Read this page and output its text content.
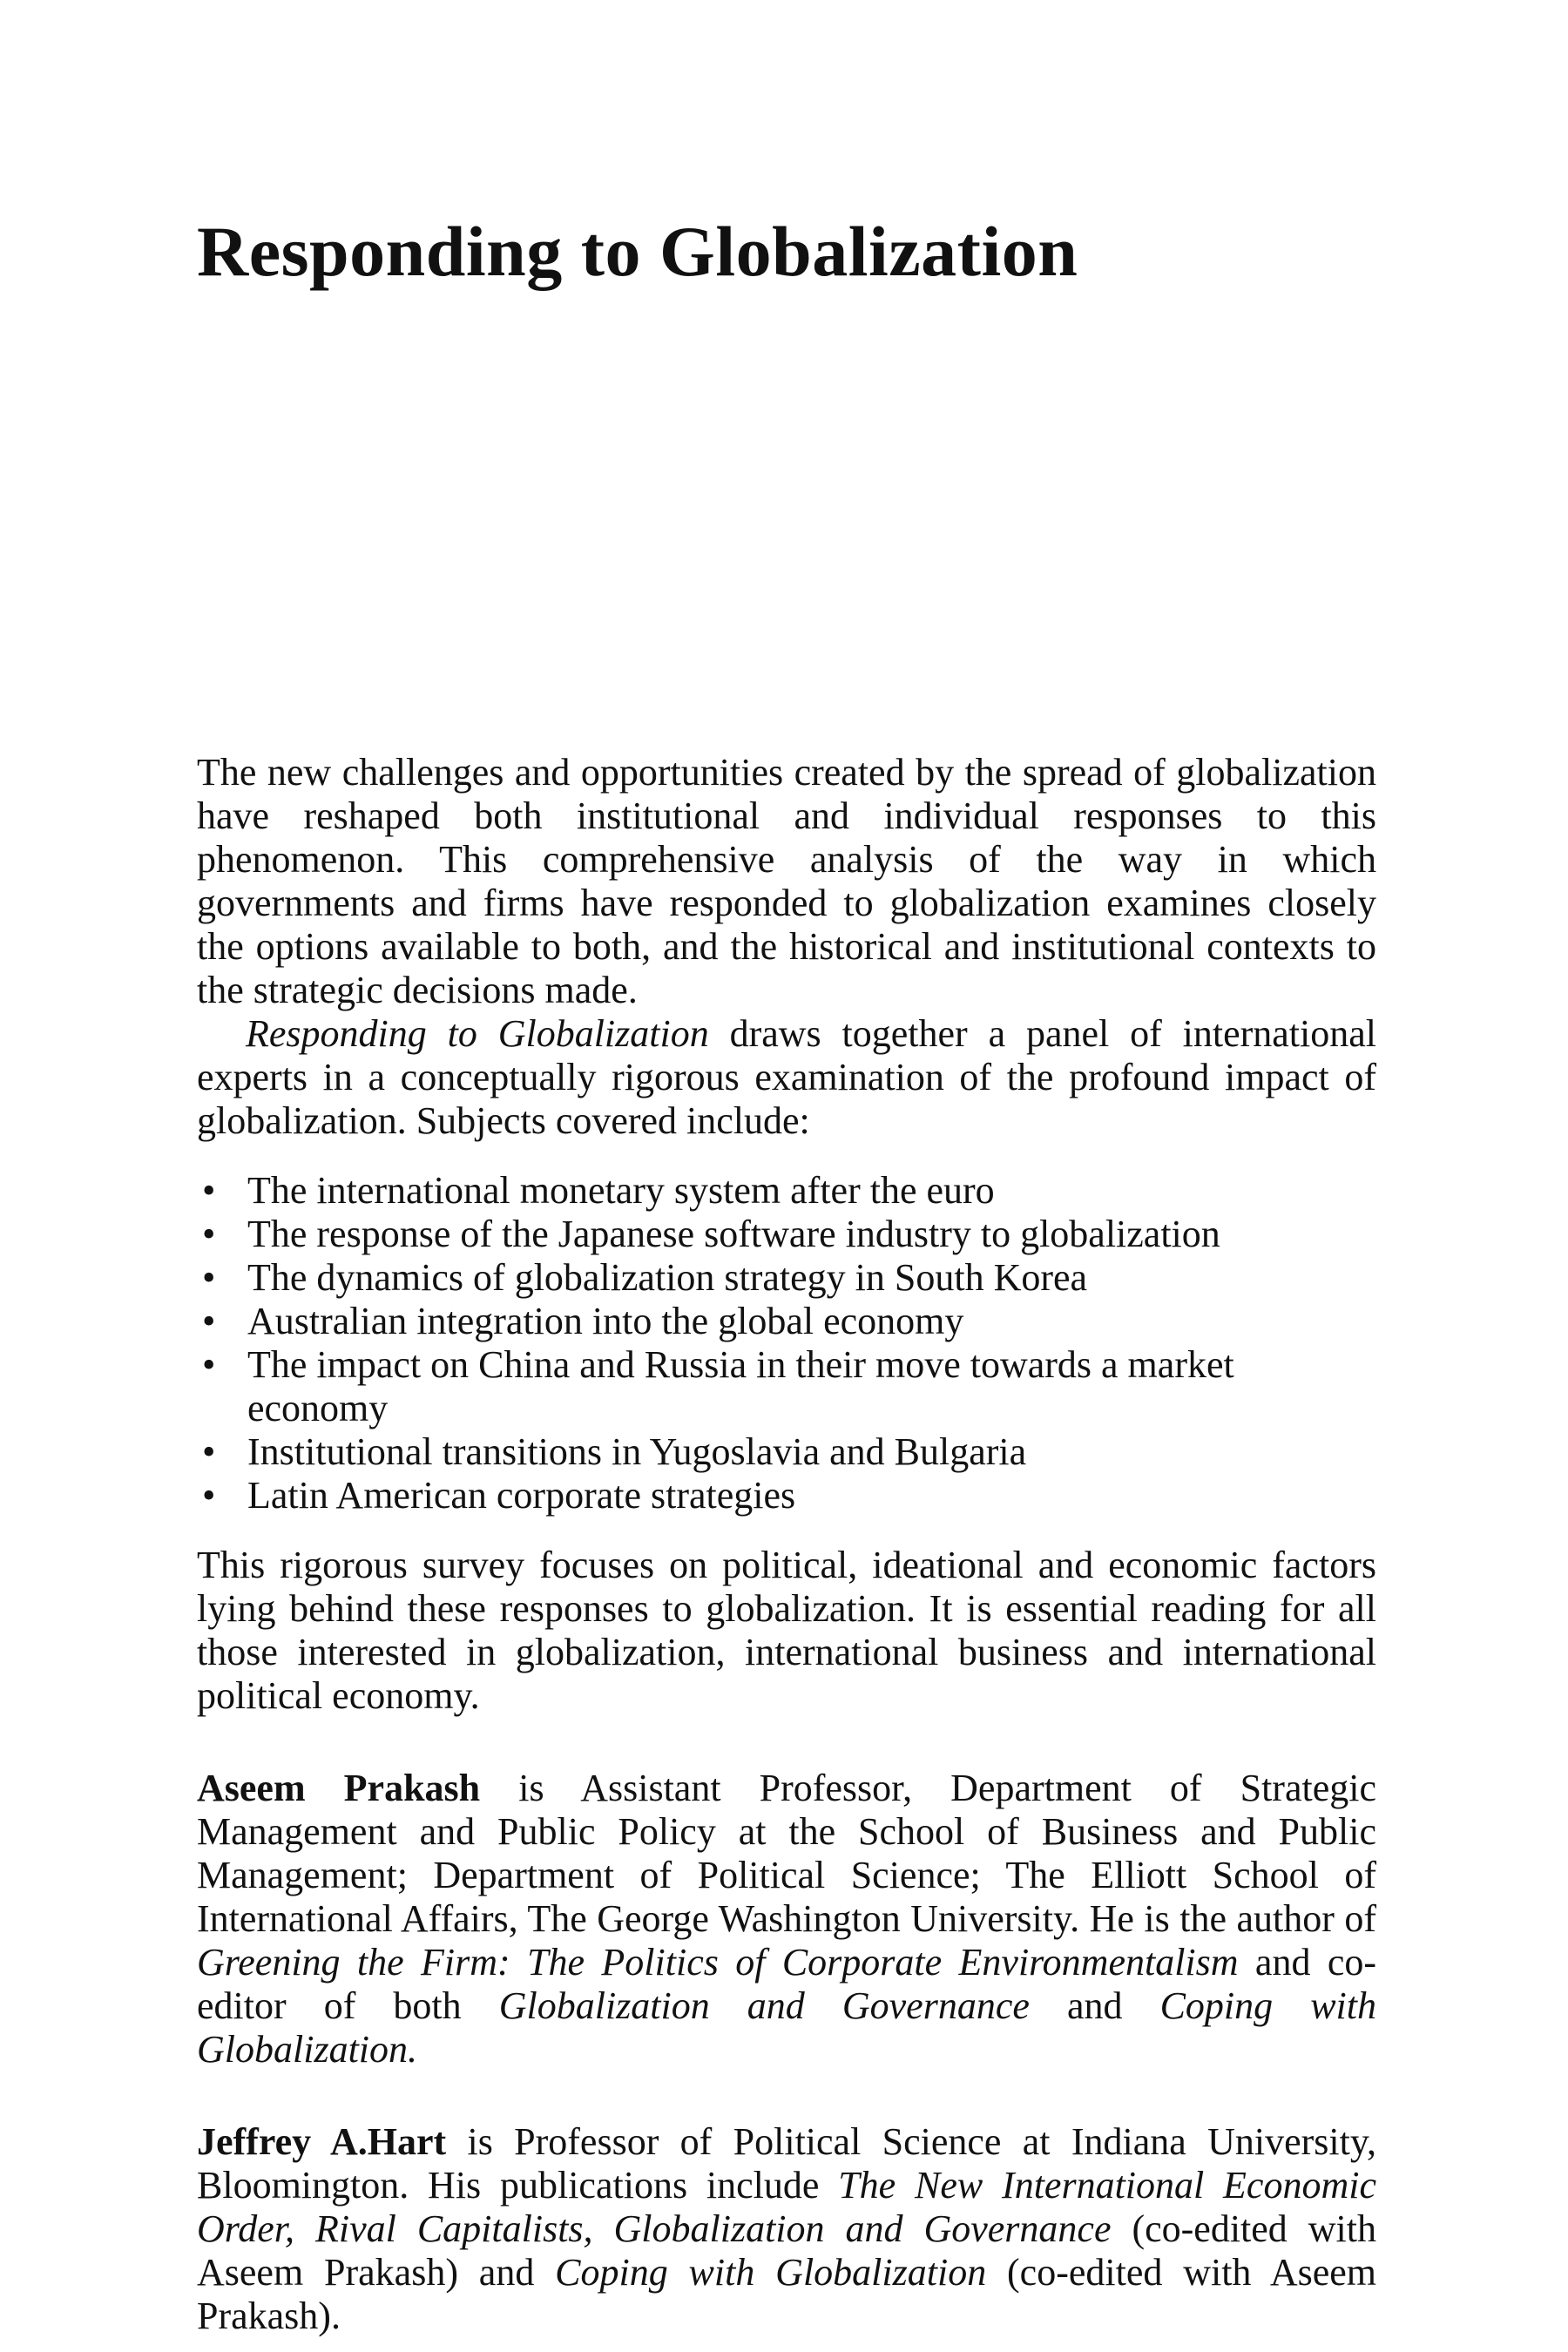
Responding to Globalization

The new challenges and opportunities created by the spread of globalization have reshaped both institutional and individual responses to this phenomenon. This comprehensive analysis of the way in which governments and firms have responded to globalization examines closely the options available to both, and the historical and institutional contexts to the strategic decisions made.

Responding to Globalization draws together a panel of international experts in a conceptually rigorous examination of the profound impact of globalization. Subjects covered include:

• The international monetary system after the euro
• The response of the Japanese software industry to globalization
• The dynamics of globalization strategy in South Korea
• Australian integration into the global economy
• The impact on China and Russia in their move towards a market economy
• Institutional transitions in Yugoslavia and Bulgaria
• Latin American corporate strategies

This rigorous survey focuses on political, ideational and economic factors lying behind these responses to globalization. It is essential reading for all those interested in globalization, international business and international political economy.

Aseem Prakash is Assistant Professor, Department of Strategic Management and Public Policy at the School of Business and Public Management; Department of Political Science; The Elliott School of International Affairs, The George Washington University. He is the author of Greening the Firm: The Politics of Corporate Environmentalism and co-editor of both Globalization and Governance and Coping with Globalization.

Jeffrey A.Hart is Professor of Political Science at Indiana University, Bloomington. His publications include The New International Economic Order, Rival Capitalists, Globalization and Governance (co-edited with Aseem Prakash) and Coping with Globalization (co-edited with Aseem Prakash).
